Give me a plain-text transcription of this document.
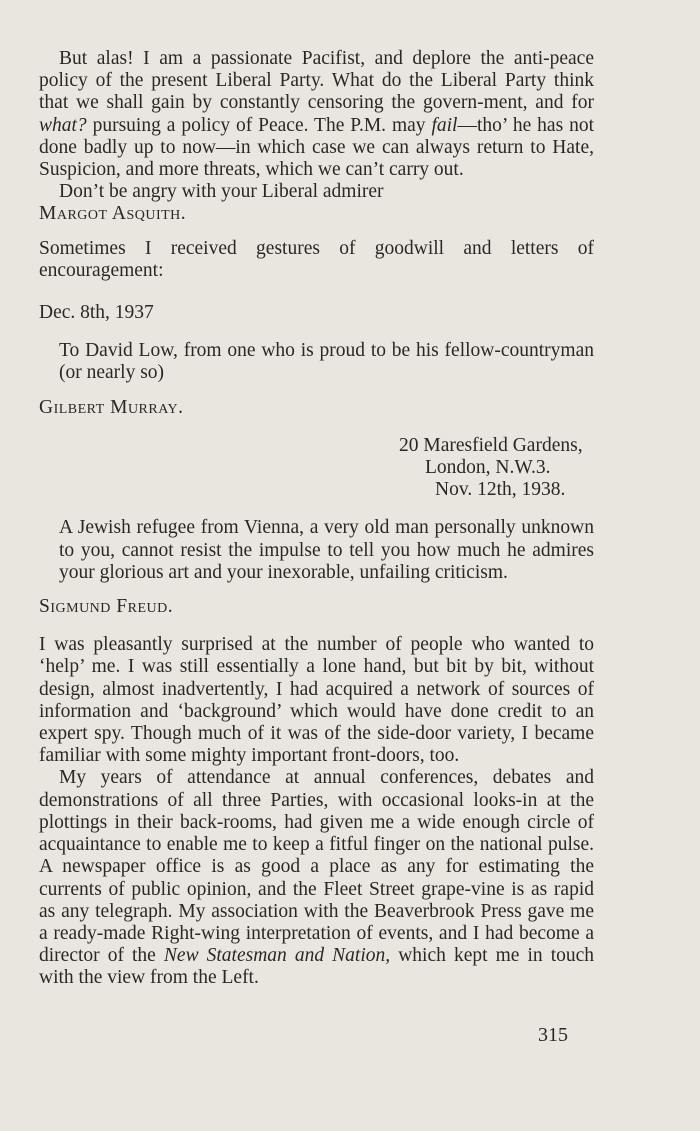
But alas! I am a passionate Pacifist, and deplore the anti-peace policy of the present Liberal Party. What do the Liberal Party think that we shall gain by constantly censoring the govern-ment, and for what? pursuing a policy of Peace. The P.M. may fail—tho’ he has not done badly up to now—in which case we can always return to Hate, Suspicion, and more threats, which we can’t carry out.

Don’t be angry with your Liberal admirer

Margot Asquith.

Sometimes I received gestures of goodwill and letters of encouragement:

Dec. 8th, 1937

To David Low, from one who is proud to be his fellow-countryman (or nearly so)

Gilbert Murray.

20 Maresfield Gardens,
London, N.W.3.
Nov. 12th, 1938.

A Jewish refugee from Vienna, a very old man personally unknown to you, cannot resist the impulse to tell you how much he admires your glorious art and your inexorable, unfailing criticism.

Sigmund Freud.

I was pleasantly surprised at the number of people who wanted to ‘help’ me. I was still essentially a lone hand, but bit by bit, without design, almost inadvertently, I had acquired a network of sources of information and ‘background’ which would have done credit to an expert spy. Though much of it was of the side-door variety, I became familiar with some mighty important front-doors, too.

My years of attendance at annual conferences, debates and demonstrations of all three Parties, with occasional looks-in at the plottings in their back-rooms, had given me a wide enough circle of acquaintance to enable me to keep a fitful finger on the national pulse. A newspaper office is as good a place as any for estimating the currents of public opinion, and the Fleet Street grape-vine is as rapid as any telegraph. My association with the Beaverbrook Press gave me a ready-made Right-wing interpretation of events, and I had become a director of the New Statesman and Nation, which kept me in touch with the view from the Left.

315
